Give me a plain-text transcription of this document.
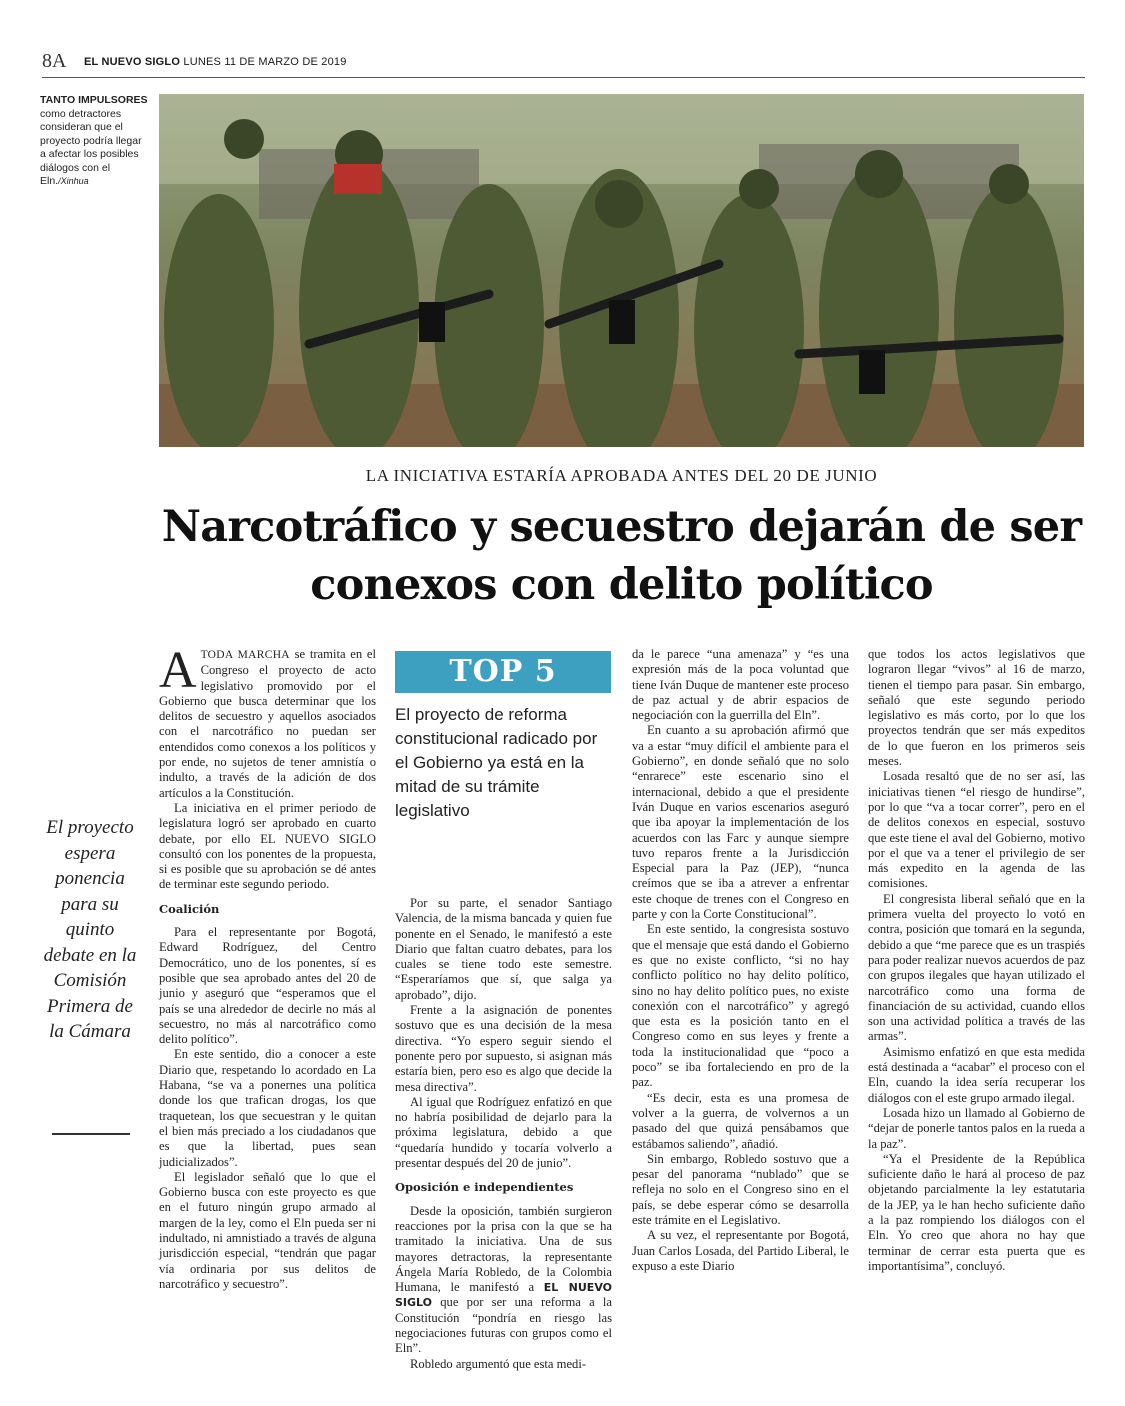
8A EL NUEVO SIGLO LUNES 11 DE MARZO DE 2019
TANTO IMPULSORES
como detractores consideran que el proyecto podría llegar a afectar los posibles diálogos con el Eln./Xinhua
LA INICIATIVA ESTARÍA APROBADA ANTES DEL 20 DE JUNIO
Narcotráfico y secuestro dejarán de ser conexos con delito político
El proyecto espera ponencia para su quinto debate en la Comisión Primera de la Cámara
TOP 5
El proyecto de reforma constitucional radicado por el Gobierno ya está en la mitad de su trámite legislativo

ATODA MARCHA se tramita en el Congreso el proyecto de acto legislativo promovido por el Gobierno que busca determinar que los delitos de secuestro y aquellos asociados con el narcotráfico no puedan ser entendidos como conexos a los políticos y por ende, no sujetos de tener amnistía o indulto, a través de la adición de dos artículos a la Constitución.

La iniciativa en el primer periodo de legislatura logró ser aprobado en cuarto debate, por ello EL NUEVO SIGLO consultó con los ponentes de la propuesta, si es posible que su aprobación se dé antes de terminar este segundo periodo.

Coalición

Para el representante por Bogotá, Edward Rodríguez, del Centro Democrático, uno de los ponentes, sí es posible que sea aprobado antes del 20 de junio y aseguró que “esperamos que el país se una alrededor de decirle no más al secuestro, no más al narcotráfico como delito político”.

En este sentido, dio a conocer a este Diario que, respetando lo acordado en La Habana, “se va a ponernes una política donde los que trafican drogas, los que traquetean, los que secuestran y le quitan el bien más preciado a los ciudadanos que es que la libertad, pues sean judicializados”.

El legislador señaló que lo que el Gobierno busca con este proyecto es que en el futuro ningún grupo armado al margen de la ley, como el Eln pueda ser ni indultado, ni amnistiado a través de alguna jurisdicción especial, “tendrán que pagar vía ordinaria por sus delitos de narcotráfico y secuestro”.

Por su parte, el senador Santiago Valencia, de la misma bancada y quien fue ponente en el Senado, le manifestó a este Diario que faltan cuatro debates, para los cuales se tiene todo este semestre. “Esperaríamos que sí, que salga ya aprobado”, dijo.

Frente a la asignación de ponentes sostuvo que es una decisión de la mesa directiva. “Yo espero seguir siendo el ponente pero por supuesto, si asignan más estaría bien, pero eso es algo que decide la mesa directiva”.

Al igual que Rodríguez enfatizó en que no habría posibilidad de dejarlo para la próxima legislatura, debido a que “quedaría hundido y tocaría volverlo a presentar después del 20 de junio”.

Oposición e independientes

Desde la oposición, también surgieron reacciones por la prisa con la que se ha tramitado la iniciativa. Una de sus mayores detractoras, la representante Ángela María Robledo, de la Colombia Humana, le manifestó a EL NUEVO SIGLO que por ser una reforma a la Constitución “pondría en riesgo las negociaciones futuras con grupos como el Eln”.

Robledo argumentó que esta medi-

da le parece “una amenaza” y “es una expresión más de la poca voluntad que tiene Iván Duque de mantener este proceso de paz actual y de abrir espacios de negociación con la guerrilla del Eln”.

En cuanto a su aprobación afirmó que va a estar “muy difícil el ambiente para el Gobierno”, en donde señaló que no solo “enrarece” este escenario sino el internacional, debido a que el presidente Iván Duque en varios escenarios aseguró que iba apoyar la implementación de los acuerdos con las Farc y aunque siempre tuvo reparos frente a la Jurisdicción Especial para la Paz (JEP), “nunca creímos que se iba a atrever a enfrentar este choque de trenes con el Congreso en parte y con la Corte Constitucional”.

En este sentido, la congresista sostuvo que el mensaje que está dando el Gobierno es que no existe conflicto, “si no hay conflicto político no hay delito político, sino no hay delito político pues, no existe conexión con el narcotráfico” y agregó que esta es la posición tanto en el Congreso como en sus leyes y frente a toda la institucionalidad que “poco a poco” se iba fortaleciendo en pro de la paz.

“Es decir, esta es una promesa de volver a la guerra, de volvernos a un pasado del que quizá pensábamos que estábamos saliendo”, añadió.

Sin embargo, Robledo sostuvo que a pesar del panorama “nublado” que se refleja no solo en el Congreso sino en el país, se debe esperar cómo se desarrolla este trámite en el Legislativo.

A su vez, el representante por Bogotá, Juan Carlos Losada, del Partido Liberal, le expuso a este Diario

que todos los actos legislativos que lograron llegar “vivos” al 16 de marzo, tienen el tiempo para pasar. Sin embargo, señaló que este segundo periodo legislativo es más corto, por lo que los proyectos tendrán que ser más expeditos de lo que fueron en los primeros seis meses.

Losada resaltó que de no ser así, las iniciativas tienen “el riesgo de hundirse”, por lo que “va a tocar correr”, pero en el de delitos conexos en especial, sostuvo que este tiene el aval del Gobierno, motivo por el que va a tener el privilegio de ser más expedito en la agenda de las comisiones.

El congresista liberal señaló que en la primera vuelta del proyecto lo votó en contra, posición que tomará en la segunda, debido a que “me parece que es un traspiés para poder realizar nuevos acuerdos de paz con grupos ilegales que hayan utilizado el narcotráfico como una forma de financiación de su actividad, cuando ellos son una actividad política a través de las armas”.

Asimismo enfatizó en que esta medida está destinada a “acabar” el proceso con el Eln, cuando la idea sería recuperar los diálogos con el este grupo armado ilegal.

Losada hizo un llamado al Gobierno de “dejar de ponerle tantos palos en la rueda a la paz”.

“Ya el Presidente de la República suficiente daño le hará al proceso de paz objetando parcialmente la ley estatutaria de la JEP, ya le han hecho suficiente daño a la paz rompiendo los diálogos con el Eln. Yo creo que ahora no hay que terminar de cerrar esta puerta que es importantísima”, concluyó.
